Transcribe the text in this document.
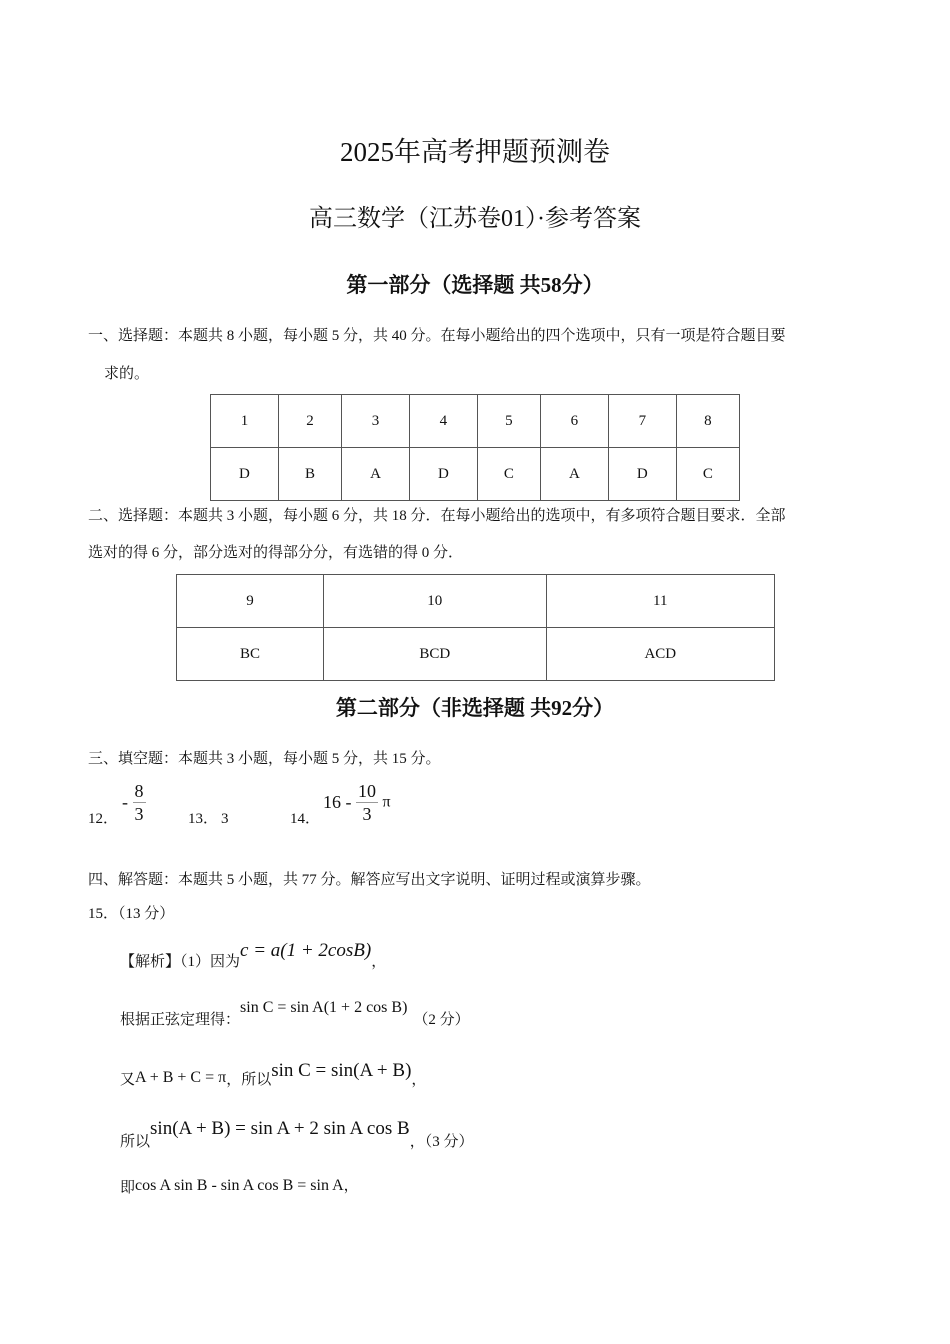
2025年高考押题预测卷
高三数学（江苏卷01）·参考答案
第一部分（选择题 共58分）
一、选择题：本题共 8 小题，每小题 5 分，共 40 分。在每小题给出的四个选项中，只有一项是符合题目要
求的。
1	2	3	4	5	6	7	8
D	B	A	D	C	A	D	C
二、选择题：本题共 3 小题，每小题 6 分，共 18 分．在每小题给出的选项中，有多项符合题目要求．全部
选对的得 6 分，部分选对的得部分分，有选错的得 0 分．
9	10	11
BC	BCD	ACD
第二部分（非选择题 共92分）
三、填空题：本题共 3 小题，每小题 5 分，共 15 分。
12．
- $\frac{8}{3}$	13． 3	14．
$16 - \frac{10}{3}$ π
四、解答题：本题共 5 小题，共 77 分。解答应写出文字说明、证明过程或演算步骤。
15．（13 分）
【解析】（1）因为c = a(1 + 2cosB)，
根据正弦定理得：sin C = sin A(1 + 2 cos B)（2 分）
又A + B + C = π，所以sin C = sin(A + B)，
所以sin(A + B) = sin A + 2 sin A cos B，（3 分）
即cos A sin B - sin A cos B = sin A，
